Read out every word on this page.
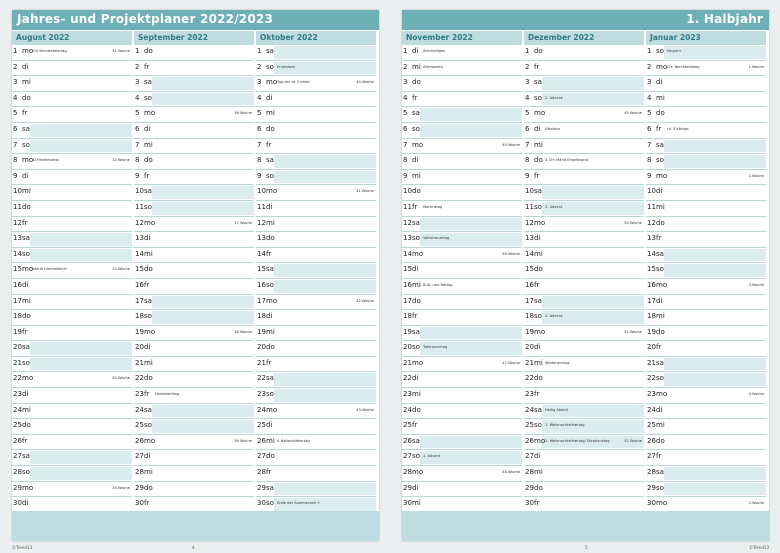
Jahres- und Projektplaner 2022/2023
August 2022
1 mo CH Bundesfeiertag	31.Woche
2 di
3 mi
4 do
5 fr
6 sa
7 so
8 mo D Friedensfest	32.Woche
9 di
10 mi
11 do
12 fr
13 sa
14 so
15 mo Mariä Himmelfahrt	33.Woche
16 di
17 mi
18 do
19 fr
20 sa
21 so
22 mo	34.Woche
23 di
24 mi
25 do
26 fr
27 sa
28 so
29 mo	35.Woche
30 di
September 2022
1 do
2 fr
3 sa
4 so
5 mo	36.Woche
6 di
7 mi
8 do
9 fr
10 sa
11 so
12 mo	37.Woche
13 di
14 mi
15 do
16 fr
17 sa
18 so
19 mo	38.Woche
20 di
21 mi
22 do
23 fr Herbstanfang
24 sa
25 so
26 mo	39.Woche
27 di
28 mi
29 do
30 fr
Oktober 2022
1 sa
2 so Erntedank
3 mo Tag der dt. Einheit	40.Woche
4 di
5 mi
6 do
7 fr
8 sa
9 so
10 mo	41.Woche
11 di
12 mi
13 do
14 fr
15 sa
16 so
17 mo	42.Woche
18 di
19 mi
20 do
21 fr
22 sa
23 so
24 mo	43.Woche
25 di
26 mi A Nationalfeiertag
27 do
28 fr
29 sa
30 so Ende der Sommerzeit ⏲
©Trend13	4
1. Halbjahr
November 2022
1 di Allerheiligen
2 mi Allerseelen
3 do
4 fr
5 sa
6 so
7 mo	45.Woche
8 di
9 mi
10 do
11 fr Martinstag
12 sa
13 so Volkstrauertag
14 mo	46.Woche
15 di
16 mi Buß- und Bettag
17 do
18 fr
19 sa
20 so Totensonntag
21 mo	47.Woche
22 di
23 mi
24 do
25 fr
26 sa
27 so 1. Advent
28 mo	48.Woche
29 di
30 mi
Dezember 2022
1 do
2 fr
3 sa
4 so 2. Advent
5 mo	49.Woche
6 di Nikolaus
7 mi
8 do A CH: Mariä Empfängnis
9 fr
10 sa
11 so 3. Advent
12 mo	50.Woche
13 di
14 mi
15 do
16 fr
17 sa
18 so 4. Advent
19 mo	51.Woche
20 di
21 mi Winteranfang
22 do
23 fr
24 sa Heilig Abend
25 so 1. Weihnachtsfeiertag
26 mo 2. Weihnachtsfeiertag/ Stephanstag	52.Woche
27 di
28 mi
29 do
30 fr
Januar 2023
1 so Neujahr
2 mo CH: Berchtoldstag	1.Woche
3 di
4 mi
5 do
6 fr Hl. 3 Könige
7 sa
8 so
9 mo	2.Woche
10 di
11 mi
12 do
13 fr
14 sa
15 so
16 mo	3.Woche
17 di
18 mi
19 do
20 fr
21 sa
22 so
23 mo	4.Woche
24 di
25 mi
26 do
27 fr
28 sa
29 so
30 mo	5.Woche
©Trend13
5
